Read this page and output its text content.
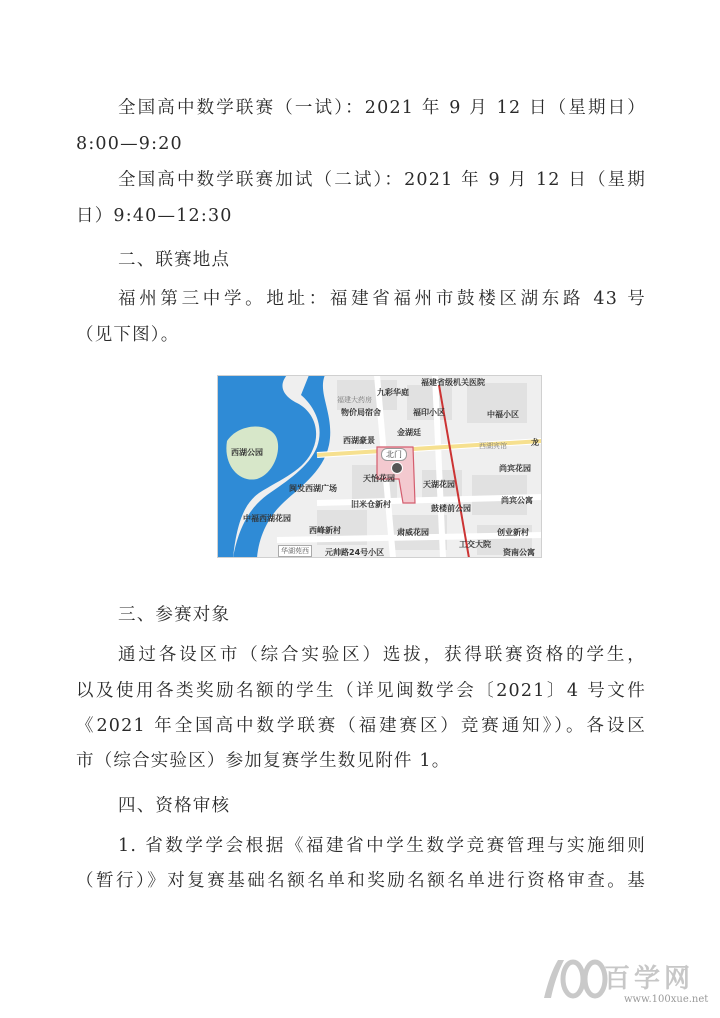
全国高中数学联赛（一试）：2021 年 9 月 12 日（星期日）
8:00—9:20
全国高中数学联赛加试（二试）：2021 年 9 月 12 日（星期
日）9:40—12:30
二、联赛地点
福州第三中学。地址：福建省福州市鼓楼区湖东路 43 号
（见下图）。
福建省级机关医院
九彩华庭
福建大药房
物价局宿舍	福印小区	中福小区
西湖公园
西湖豪景
金湖廷
天怡花园
天湖花园
闽发西湖广场
尚宾花园
中福西湖花园
旧米仓新村	鼓楼前公园
尚宾公寓
西峰新村	肃威花园	创业新村
工交大院
元帅路24号小区	资南公寓
龙
西湖宾馆
北门
华湖苑西
三、参赛对象
通过各设区市（综合实验区）选拔，获得联赛资格的学生，
以及使用各类奖励名额的学生（详见闽数学会〔2021〕4 号文件
《2021 年全国高中数学联赛（福建赛区）竞赛通知》）。各设区
市（综合实验区）参加复赛学生数见附件 1。
四、资格审核
1. 省数学学会根据《福建省中学生数学竞赛管理与实施细则
（暂行）》对复赛基础名额名单和奖励名额名单进行资格审查。基
百学网
www.100xue.net
